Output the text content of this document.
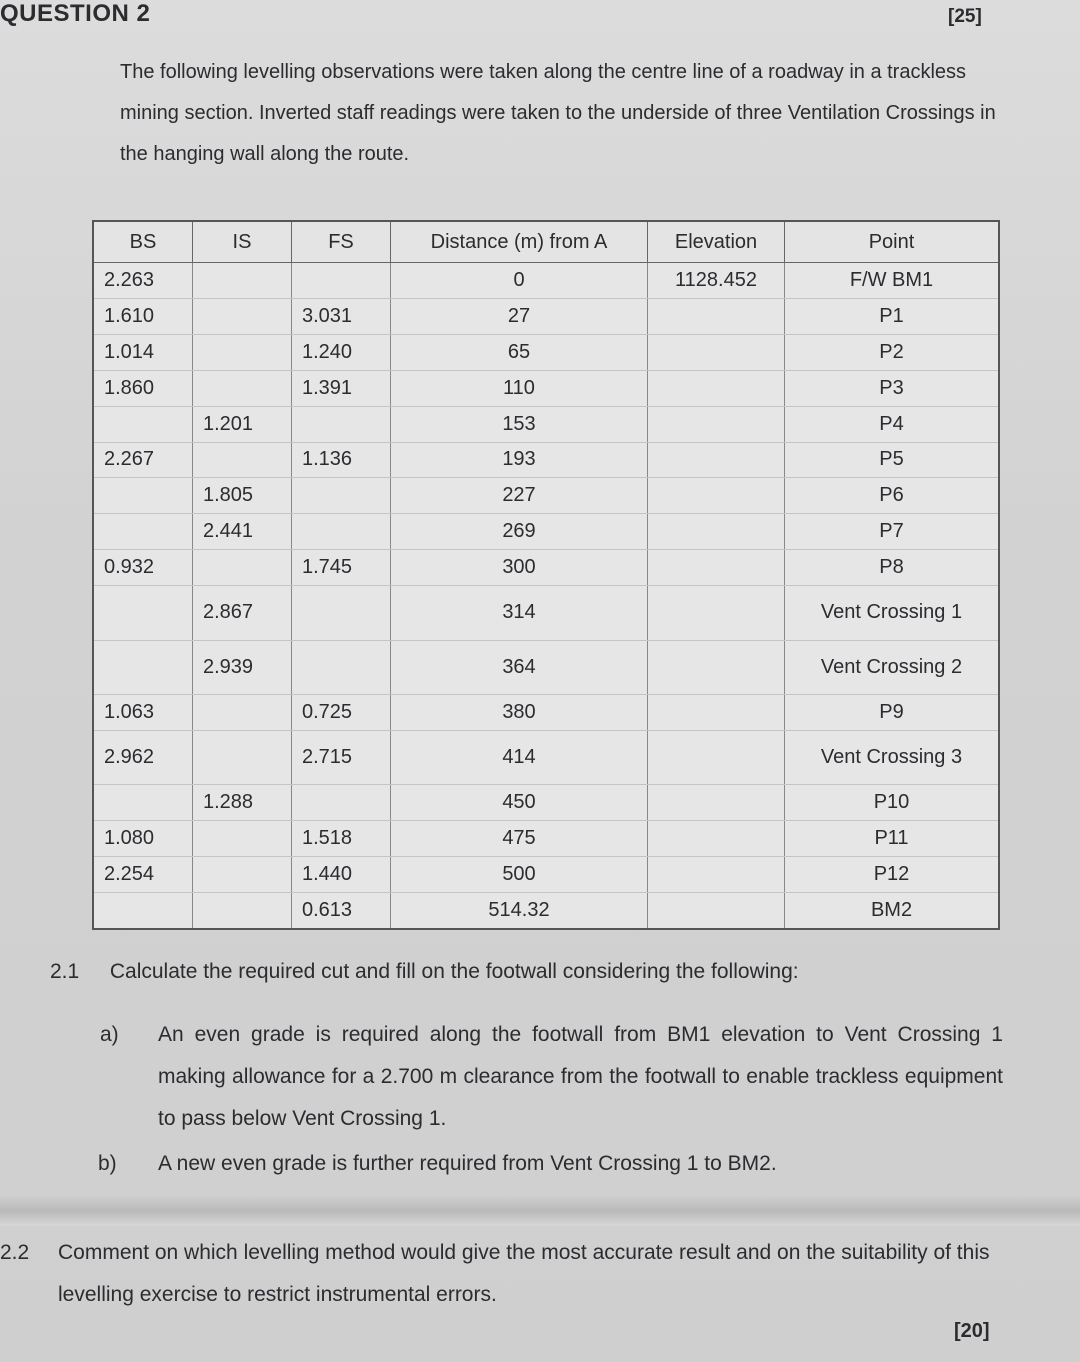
[25]
QUESTION 2
The following levelling observations were taken along the centre line of a roadway in a trackless mining section. Inverted staff readings were taken to the underside of three Ventilation Crossings in the hanging wall along the route.
BS	IS	FS	Distance (m) from A	Elevation	Point
2.263			0	1128.452	F/W BM1
1.610		3.031	27		P1
1.014		1.240	65		P2
1.860		1.391	110		P3
	1.201		153		P4
2.267		1.136	193		P5
	1.805		227		P6
	2.441		269		P7
0.932		1.745	300		P8
	2.867		314		Vent Crossing 1
	2.939		364		Vent Crossing 2
1.063		0.725	380		P9
2.962		2.715	414		Vent Crossing 3
	1.288		450		P10
1.080		1.518	475		P11
2.254		1.440	500		P12
		0.613	514.32		BM2
2.1 Calculate the required cut and fill on the footwall considering the following:
a) An even grade is required along the footwall from BM1 elevation to Vent Crossing 1 making allowance for a 2.700 m clearance from the footwall to enable trackless equipment to pass below Vent Crossing 1.
b) A new even grade is further required from Vent Crossing 1 to BM2.
2.2 Comment on which levelling method would give the most accurate result and on the suitability of this levelling exercise to restrict instrumental errors.
[20]
